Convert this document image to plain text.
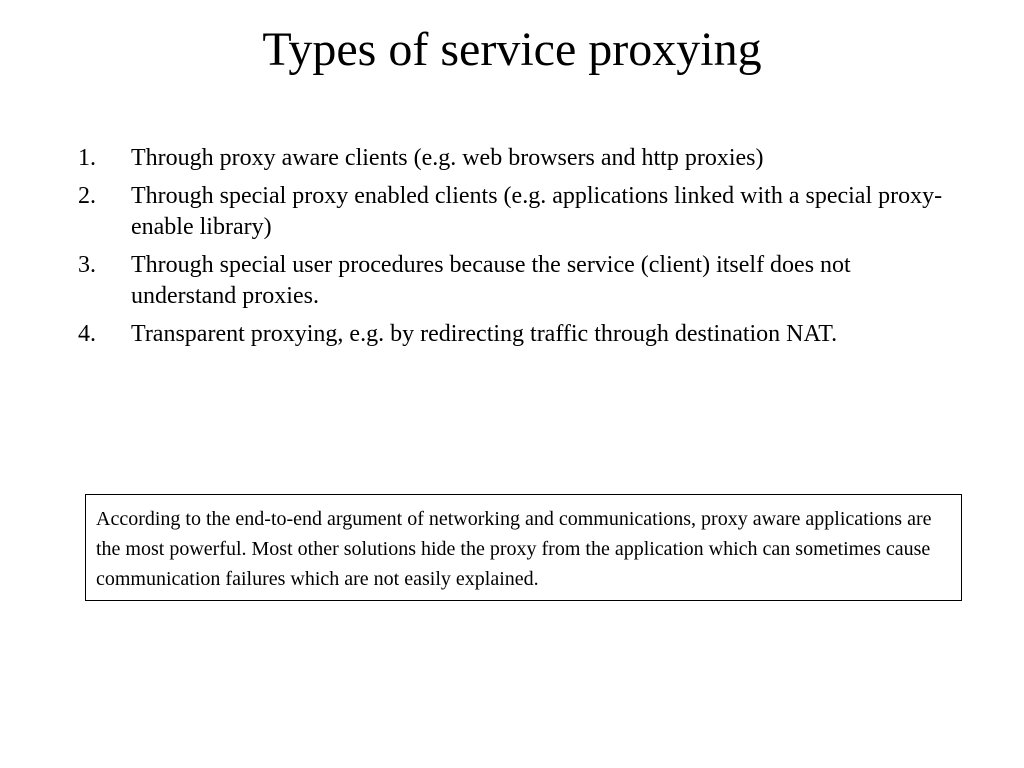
Types of service proxying
1.	Through proxy aware clients (e.g. web browsers and http proxies)
2.	Through special proxy enabled clients (e.g. applications linked with a special proxy-enable library)
3.	Through special user procedures because the service (client) itself does not understand proxies.
4.	Transparent proxying, e.g. by redirecting traffic through destination NAT.
According to the end-to-end argument of networking and communications, proxy aware applications are the most powerful. Most other solutions hide the proxy from the application which can sometimes cause communication failures which are not easily explained.
